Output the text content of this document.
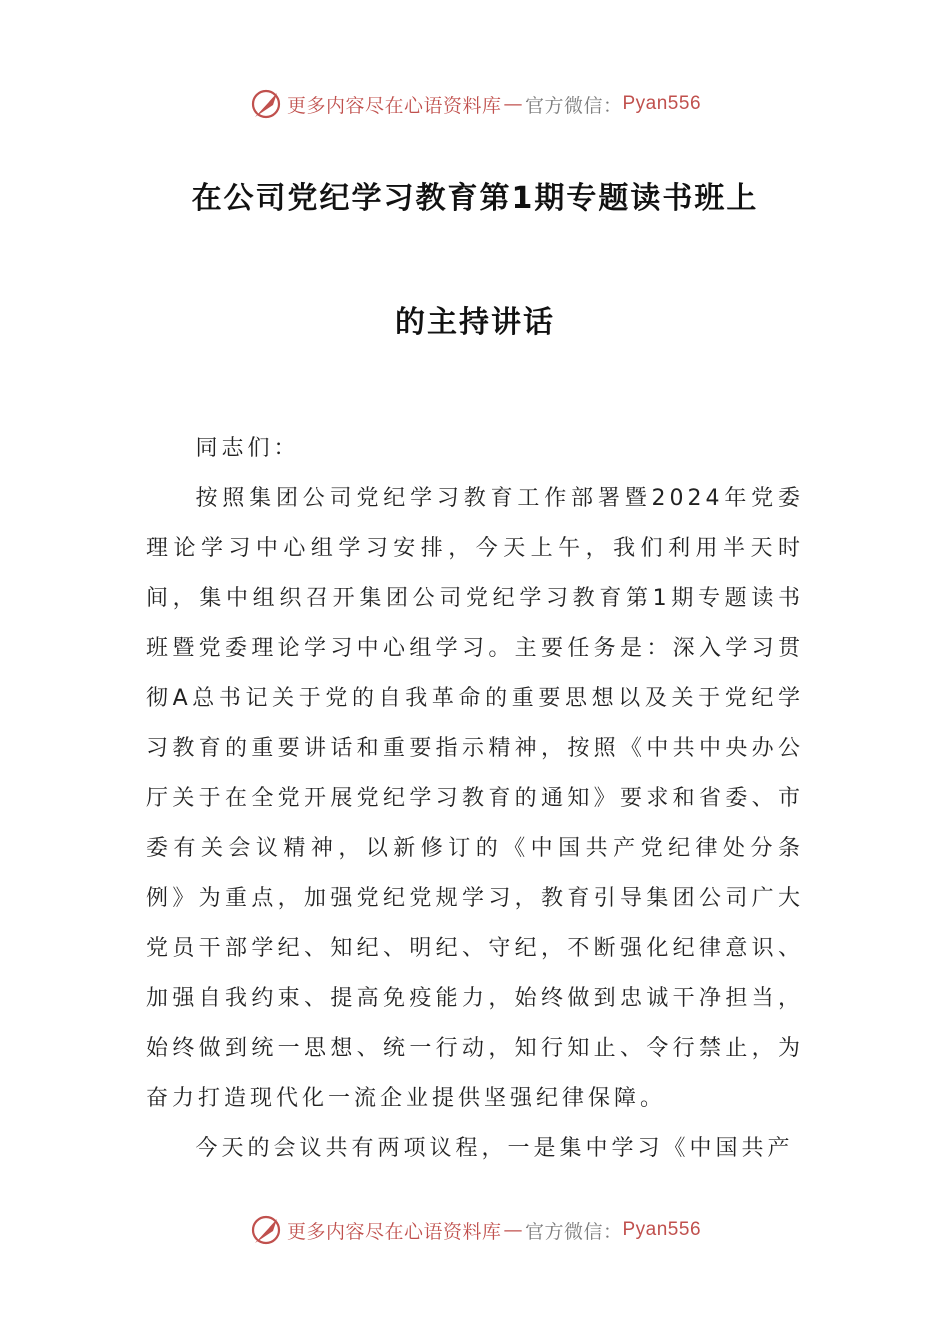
更多内容尽在心语资料库 — 官方微信： Pyan556
在公司党纪学习教育第1期专题读书班上
的主持讲话

同志们：

按照集团公司党纪学习教育工作部署暨2024年党委理论学习中心组学习安排，今天上午，我们利用半天时间，集中组织召开集团公司党纪学习教育第1期专题读书班暨党委理论学习中心组学习。主要任务是：深入学习贯彻A总书记关于党的自我革命的重要思想以及关于党纪学习教育的重要讲话和重要指示精神，按照《中共中央办公厅关于在全党开展党纪学习教育的通知》要求和省委、市委有关会议精神，以新修订的《中国共产党纪律处分条例》为重点，加强党纪党规学习，教育引导集团公司广大党员干部学纪、知纪、明纪、守纪，不断强化纪律意识、加强自我约束、提高免疫能力，始终做到忠诚干净担当，始终做到统一思想、统一行动，知行知止、令行禁止，为奋力打造现代化一流企业提供坚强纪律保障。

今天的会议共有两项议程，一是集中学习《中国共产

更多内容尽在心语资料库 — 官方微信： Pyan556
